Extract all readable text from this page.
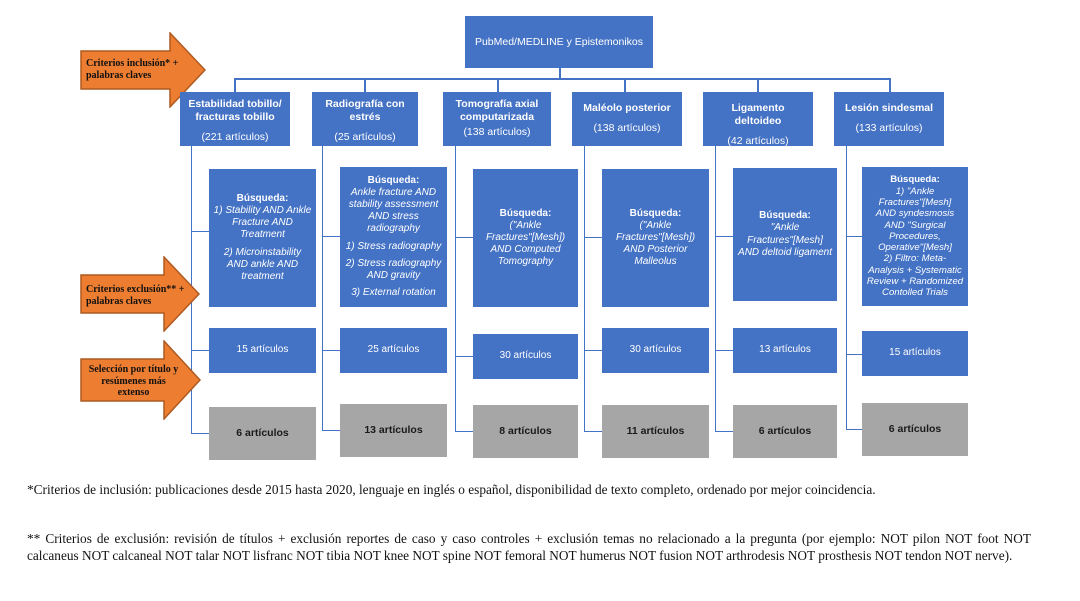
PubMed/MEDLINE y Epistemonikos
Criterios inclusión* + palabras claves
Criterios exclusión** + palabras claves
Selección por título y resúmenes más extenso
Estabilidad tobillo/ fracturas tobillo
(221 artículos)
Búsqueda:
1) Stability AND Ankle
Fracture AND
Treatment
2) Microinstability
AND ankle AND
treatment
15 artículos
6 artículos
Radiografía con estrés
(25 artículos)
Búsqueda:
Ankle fracture AND
stability assessment
AND stress
radiography
1) Stress radiography
2) Stress radiography
AND gravity
3) External rotation
25 artículos
13 artículos
Tomografía axial computarizada
(138 artículos)
Búsqueda:
("Ankle
Fractures"[Mesh])
AND Computed
Tomography
30 artículos
8 artículos
Maléolo posterior
(138 artículos)
Búsqueda:
("Ankle
Fractures"[Mesh])
AND Posterior
Malleolus
30 artículos
11 artículos
Ligamento deltoideo
(42 artículos)
Búsqueda:
"Ankle
Fractures"[Mesh]
AND deltoid ligament
13 artículos
6 artículos
Lesión sindesmal
(133 artículos)
Búsqueda:
1) "Ankle
Fractures"[Mesh]
AND syndesmosis
AND "Surgical
Procedures,
Operative"[Mesh]
2) Filtro: Meta-
Analysis + Systematic
Review + Randomized
Contolled Trials
15 artículos
6 artículos
*Criterios de inclusión: publicaciones desde 2015 hasta 2020, lenguaje en inglés o español, disponibilidad de texto completo, ordenado por mejor coincidencia.
** Criterios de exclusión: revisión de títulos + exclusión reportes de caso y caso controles + exclusión temas no relacionado a la pregunta (por ejemplo: NOT pilon NOT foot NOT calcaneus NOT calcaneal NOT talar NOT lisfranc NOT tibia NOT knee NOT spine NOT femoral NOT humerus NOT fusion NOT arthrodesis NOT prosthesis NOT tendon NOT nerve).
